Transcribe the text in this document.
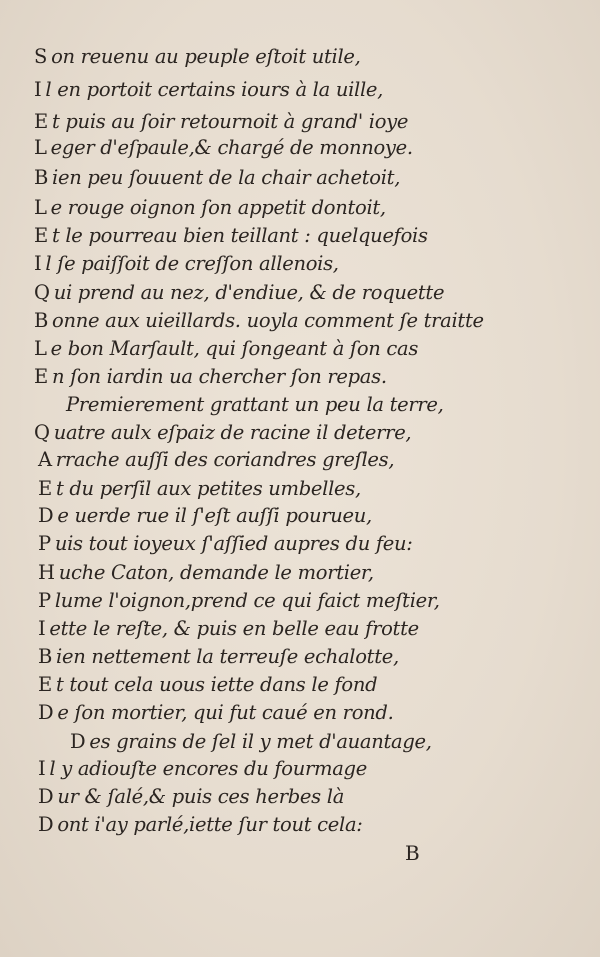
S on reuenu au peuple eſtoit utile,
I l en portoit certains iours à la uille,
E t puis au ſoir retournoit à grand' ioye
L eger d'eſpaule,& chargé de monnoye.
B ien peu ſouuent de la chair achetoit,
L e rouge oignon ſon appetit dontoit,
E t le pourreau bien teillant : quelquefois
I l ſe paiſſoit de creſſon allenois,
Q ui prend au nez, d'endiue, & de roquette
B onne aux uieillards. uoyla comment ſe traitte
L e bon Marſault, qui ſongeant à ſon cas
E n ſon iardin ua chercher ſon repas.
Premierement grattant un peu la terre,
Q uatre aulx eſpaiz de racine il deterre,
A rrache auſſi des coriandres greſles,
E t du perſil aux petites umbelles,
D e uerde rue il ſ'eſt auſſi pourueu,
P uis tout ioyeux ſ'aſſied aupres du feu:
H uche Caton, demande le mortier,
P lume l'oignon,prend ce qui faict meſtier,
I ette le reſte, & puis en belle eau frotte
B ien nettement la terreuſe echalotte,
E t tout cela uous iette dans le fond
D e ſon mortier, qui fut caué en rond.
D es grains de ſel il y met d'auantage,
I l y adiouſte encores du fourmage
D ur & ſalé,& puis ces herbes là
D ont i'ay parlé,iette ſur tout cela:
B
